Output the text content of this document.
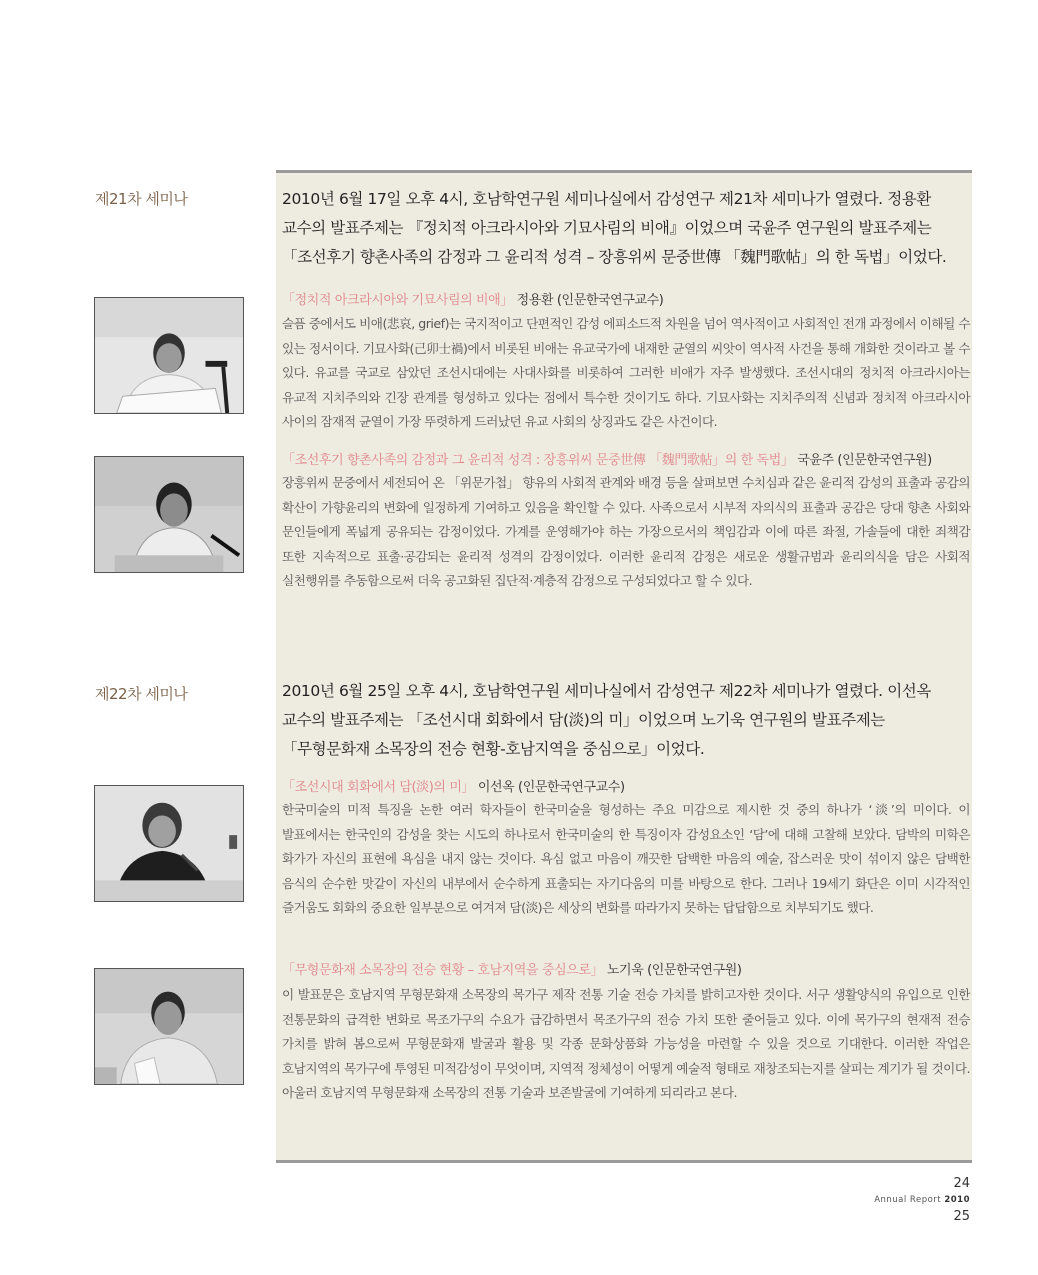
제21차 세미나	2010년 6월 17일 오후 4시, 호남학연구원 세미나실에서 감성연구 제21차 세미나가 열렸다. 정용환 교수의 발표주제는 『정치적 아크라시아와 기묘사림의 비애』이었으며 국윤주 연구원의 발표주제는 「조선후기 향촌사족의 감정과 그 윤리적 성격 – 장흥위씨 문중世傳 「魏門歌帖」의 한 독법」이었다.

「정치적 아크라시아와 기묘사림의 비애」 정용환 (인문한국연구교수)

슬픔 중에서도 비애(悲哀, grief)는 국지적이고 단편적인 감성 에피소드적 차원을 넘어 역사적이고 사회적인 전개 과정에서 이해될 수 있는 정서이다. 기묘사화(己卯士禍)에서 비롯된 비애는 유교국가에 내재한 균열의 씨앗이 역사적 사건을 통해 개화한 것이라고 볼 수 있다. 유교를 국교로 삼았던 조선시대에는 사대사화를 비롯하여 그러한 비애가 자주 발생했다. 조선시대의 정치적 아크라시아는 유교적 지치주의와 긴장 관계를 형성하고 있다는 점에서 특수한 것이기도 하다. 기묘사화는 지치주의적 신념과 정치적 아크라시아 사이의 잠재적 균열이 가장 뚜렷하게 드러났던 유교 사회의 상징과도 같은 사건이다.

「조선후기 향촌사족의 감정과 그 윤리적 성격 : 장흥위씨 문중世傳 「魏門歌帖」의 한 독법」 국윤주 (인문한국연구원)

장흥위씨 문중에서 세전되어 온 「위문가첩」 향유의 사회적 관계와 배경 등을 살펴보면 수치심과 같은 윤리적 감성의 표출과 공감의 확산이 가향윤리의 변화에 일정하게 기여하고 있음을 확인할 수 있다. 사족으로서 시부적 자의식의 표출과 공감은 당대 향촌 사회와 문인들에게 폭넓게 공유되는 감정이었다. 가계를 운영해가야 하는 가장으로서의 책임감과 이에 따른 좌절, 가솔들에 대한 죄책감 또한 지속적으로 표출·공감되는 윤리적 성격의 감정이었다. 이러한 윤리적 감정은 새로운 생활규범과 윤리의식을 담은 사회적 실천행위를 추동함으로써 더욱 공고화된 집단적·계층적 감정으로 구성되었다고 할 수 있다.

제22차 세미나	2010년 6월 25일 오후 4시, 호남학연구원 세미나실에서 감성연구 제22차 세미나가 열렸다. 이선옥 교수의 발표주제는 「조선시대 회화에서 담(淡)의 미」이었으며 노기욱 연구원의 발표주제는 「무형문화재 소목장의 전승 현황-호남지역을 중심으로」이었다.

「조선시대 회화에서 담(淡)의 미」 이선옥 (인문한국연구교수)

한국미술의 미적 특징을 논한 여러 학자들이 한국미술을 형성하는 주요 미감으로 제시한 것 중의 하나가 ‘淡’의 미이다. 이 발표에서는 한국인의 감성을 찾는 시도의 하나로서 한국미술의 한 특징이자 감성요소인 ‘담’에 대해 고찰해 보았다. 담박의 미학은 화가가 자신의 표현에 욕심을 내지 않는 것이다. 욕심 없고 마음이 깨끗한 담백한 마음의 예술, 잡스러운 맛이 섞이지 않은 담백한 음식의 순수한 맛같이 자신의 내부에서 순수하게 표출되는 자기다움의 미를 바탕으로 한다. 그러나 19세기 화단은 이미 시각적인 즐거움도 회화의 중요한 일부분으로 여겨져 담(淡)은 세상의 변화를 따라가지 못하는 답답함으로 치부되기도 했다.

「무형문화재 소목장의 전승 현황 – 호남지역을 중심으로」 노기욱 (인문한국연구원)

이 발표문은 호남지역 무형문화재 소목장의 목가구 제작 전통 기술 전승 가치를 밝히고자한 것이다. 서구 생활양식의 유입으로 인한 전통문화의 급격한 변화로 목조가구의 수요가 급감하면서 목조가구의 전승 가치 또한 줄어들고 있다. 이에 목가구의 현재적 전승 가치를 밝혀 봄으로써 무형문화재 발굴과 활용 및 각종 문화상품화 가능성을 마련할 수 있을 것으로 기대한다. 이러한 작업은 호남지역의 목가구에 투영된 미적감성이 무엇이며, 지역적 정체성이 어떻게 예술적 형태로 재창조되는지를 살피는 계기가 될 것이다. 아울러 호남지역 무형문화재 소목장의 전통 기술과 보존발굴에 기여하게 되리라고 본다.

24
Annual Report 2010
25
